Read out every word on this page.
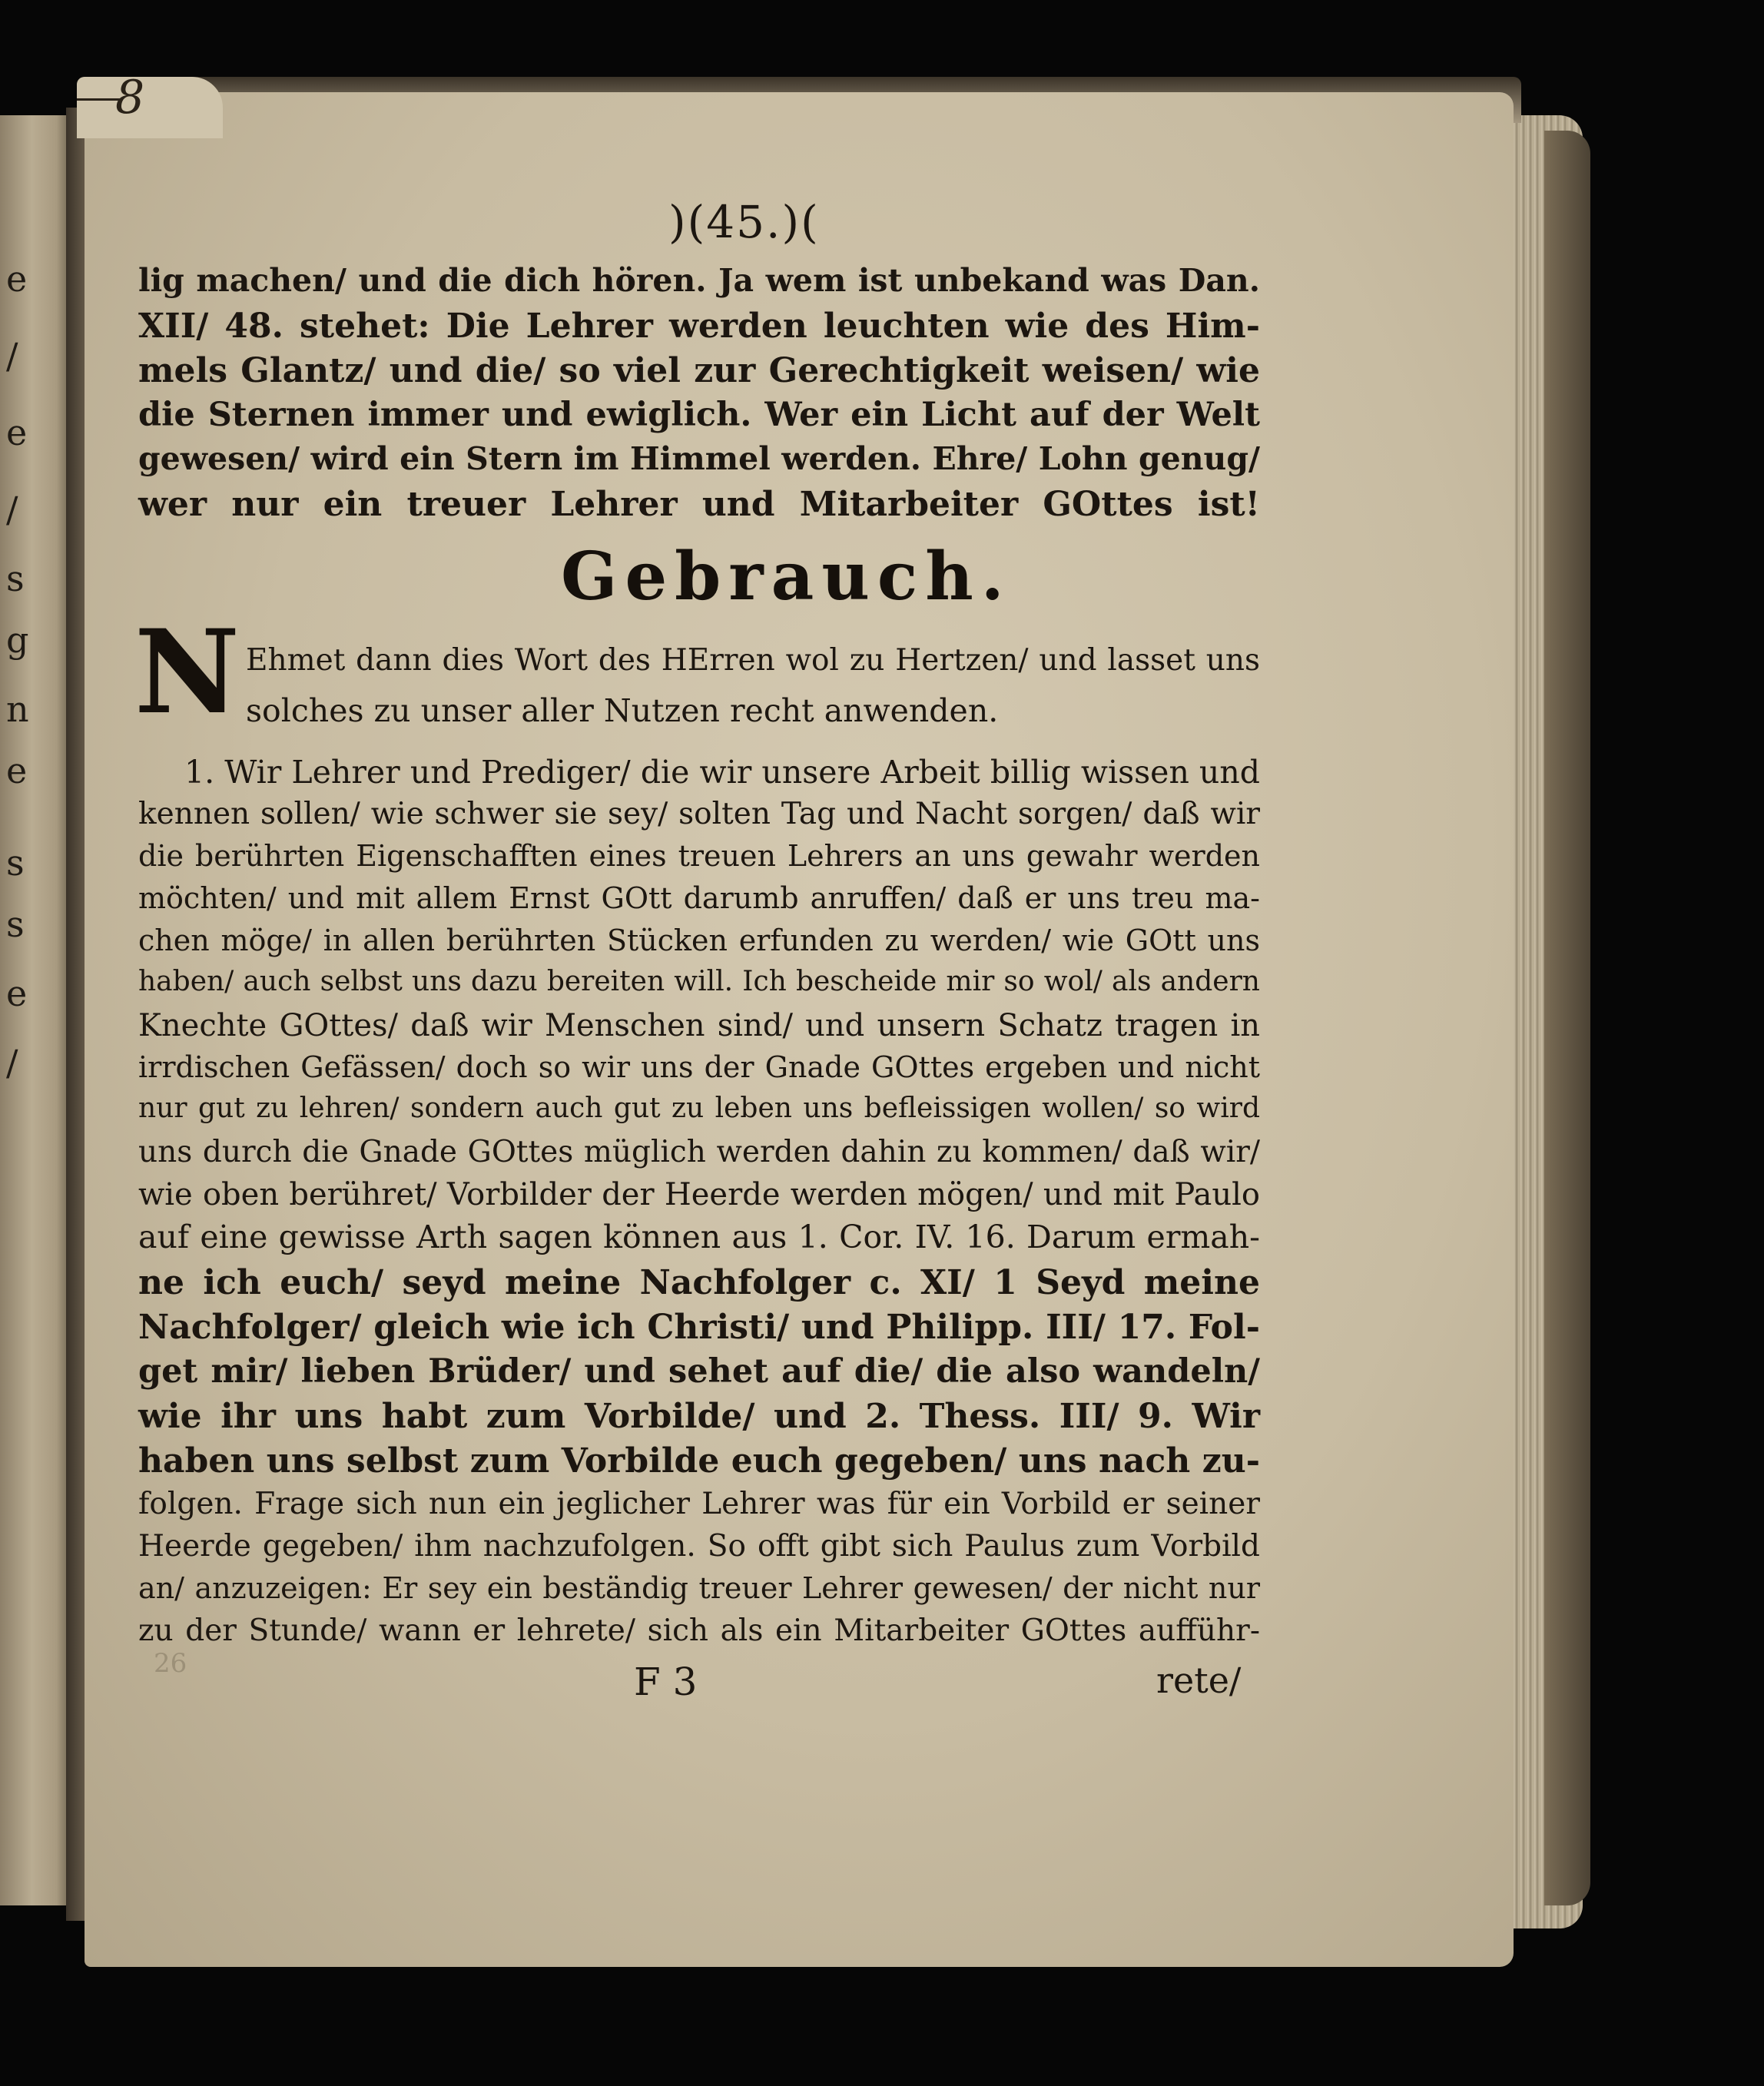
e
/
e
/
s
g
n
e
s
s
e
/
8
)(45.)(
lig machen/ und die dich hören. Ja wem ist unbekand was Dan.
XII/ 48. stehet: Die Lehrer werden leuchten wie des Him-
mels Glantz/ und die/ so viel zur Gerechtigkeit weisen/ wie
die Sternen immer und ewiglich. Wer ein Licht auf der Welt
gewesen/ wird ein Stern im Himmel werden. Ehre/ Lohn genug/
wer nur ein treuer Lehrer und Mitarbeiter GOttes ist!
Gebrauch.
N Ehmet dann dies Wort des HErren wol zu Hertzen/ und lasset uns
solches zu unser aller Nutzen recht anwenden.
1. Wir Lehrer und Prediger/ die wir unsere Arbeit billig wissen und
kennen sollen/ wie schwer sie sey/ solten Tag und Nacht sorgen/ daß wir
die berührten Eigenschafften eines treuen Lehrers an uns gewahr werden
möchten/ und mit allem Ernst GOtt darumb anruffen/ daß er uns treu ma-
chen möge/ in allen berührten Stücken erfunden zu werden/ wie GOtt uns
haben/ auch selbst uns dazu bereiten will. Ich bescheide mir so wol/ als andern
Knechte GOttes/ daß wir Menschen sind/ und unsern Schatz tragen in
irrdischen Gefässen/ doch so wir uns der Gnade GOttes ergeben und nicht
nur gut zu lehren/ sondern auch gut zu leben uns befleissigen wollen/ so wird
uns durch die Gnade GOttes müglich werden dahin zu kommen/ daß wir/
wie oben berühret/ Vorbilder der Heerde werden mögen/ und mit Paulo
auf eine gewisse Arth sagen können aus 1. Cor. IV. 16. Darum ermah-
ne ich euch/ seyd meine Nachfolger c. XI/ 1 Seyd meine
Nachfolger/ gleich wie ich Christi/ und Philipp. III/ 17. Fol-
get mir/ lieben Brüder/ und sehet auf die/ die also wandeln/
wie ihr uns habt zum Vorbilde/ und 2. Thess. III/ 9. Wir
haben uns selbst zum Vorbilde euch gegeben/ uns nach zu-
folgen. Frage sich nun ein jeglicher Lehrer was für ein Vorbild er seiner
Heerde gegeben/ ihm nachzufolgen. So offt gibt sich Paulus zum Vorbild
an/ anzuzeigen: Er sey ein beständig treuer Lehrer gewesen/ der nicht nur
zu der Stunde/ wann er lehrete/ sich als ein Mitarbeiter GOttes aufführ-
26	F 3	rete/
